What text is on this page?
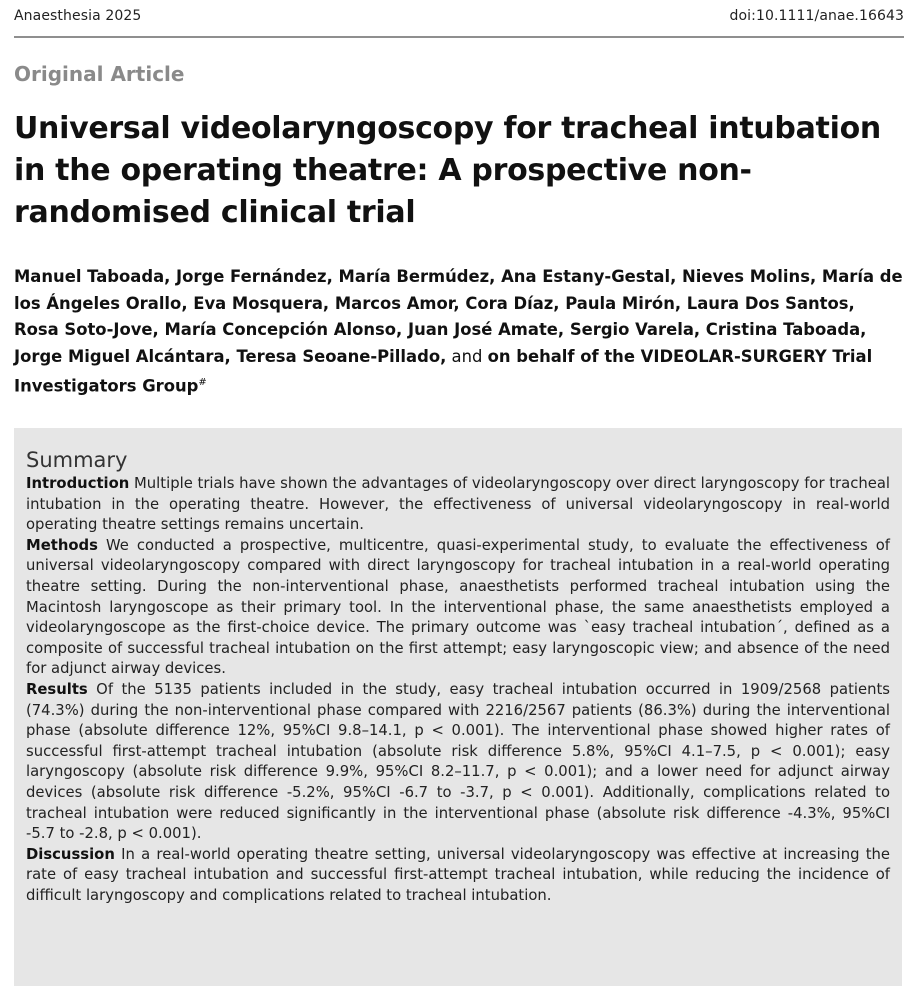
Anaesthesia 2025	doi:10.1111/anae.16643
Original Article
Universal videolaryngoscopy for tracheal intubation in the operating theatre: A prospective non-randomised clinical trial
Manuel Taboada, Jorge Fernández, María Bermúdez, Ana Estany-Gestal, Nieves Molins, María de los Ángeles Orallo, Eva Mosquera, Marcos Amor, Cora Díaz, Paula Mirón, Laura Dos Santos, Rosa Soto-Jove, María Concepción Alonso, Juan José Amate, Sergio Varela, Cristina Taboada, Jorge Miguel Alcántara, Teresa Seoane-Pillado, and on behalf of the VIDEOLAR-SURGERY Trial Investigators Group#
Summary

Introduction Multiple trials have shown the advantages of videolaryngoscopy over direct laryngoscopy for tracheal intubation in the operating theatre. However, the effectiveness of universal videolaryngoscopy in real-world operating theatre settings remains uncertain.

Methods We conducted a prospective, multicentre, quasi-experimental study, to evaluate the effectiveness of universal videolaryngoscopy compared with direct laryngoscopy for tracheal intubation in a real-world operating theatre setting. During the non-interventional phase, anaesthetists performed tracheal intubation using the Macintosh laryngoscope as their primary tool. In the interventional phase, the same anaesthetists employed a videolaryngoscope as the first-choice device. The primary outcome was `easy tracheal intubation´, defined as a composite of successful tracheal intubation on the first attempt; easy laryngoscopic view; and absence of the need for adjunct airway devices.

Results Of the 5135 patients included in the study, easy tracheal intubation occurred in 1909/2568 patients (74.3%) during the non-interventional phase compared with 2216/2567 patients (86.3%) during the interventional phase (absolute difference 12%, 95%CI 9.8–14.1, p < 0.001). The interventional phase showed higher rates of successful first-attempt tracheal intubation (absolute risk difference 5.8%, 95%CI 4.1–7.5, p < 0.001); easy laryngoscopy (absolute risk difference 9.9%, 95%CI 8.2–11.7, p < 0.001); and a lower need for adjunct airway devices (absolute risk difference -5.2%, 95%CI -6.7 to -3.7, p < 0.001). Additionally, complications related to tracheal intubation were reduced significantly in the interventional phase (absolute risk difference -4.3%, 95%CI -5.7 to -2.8, p < 0.001).

Discussion In a real-world operating theatre setting, universal videolaryngoscopy was effective at increasing the rate of easy tracheal intubation and successful first-attempt tracheal intubation, while reducing the incidence of difficult laryngoscopy and complications related to tracheal intubation.
